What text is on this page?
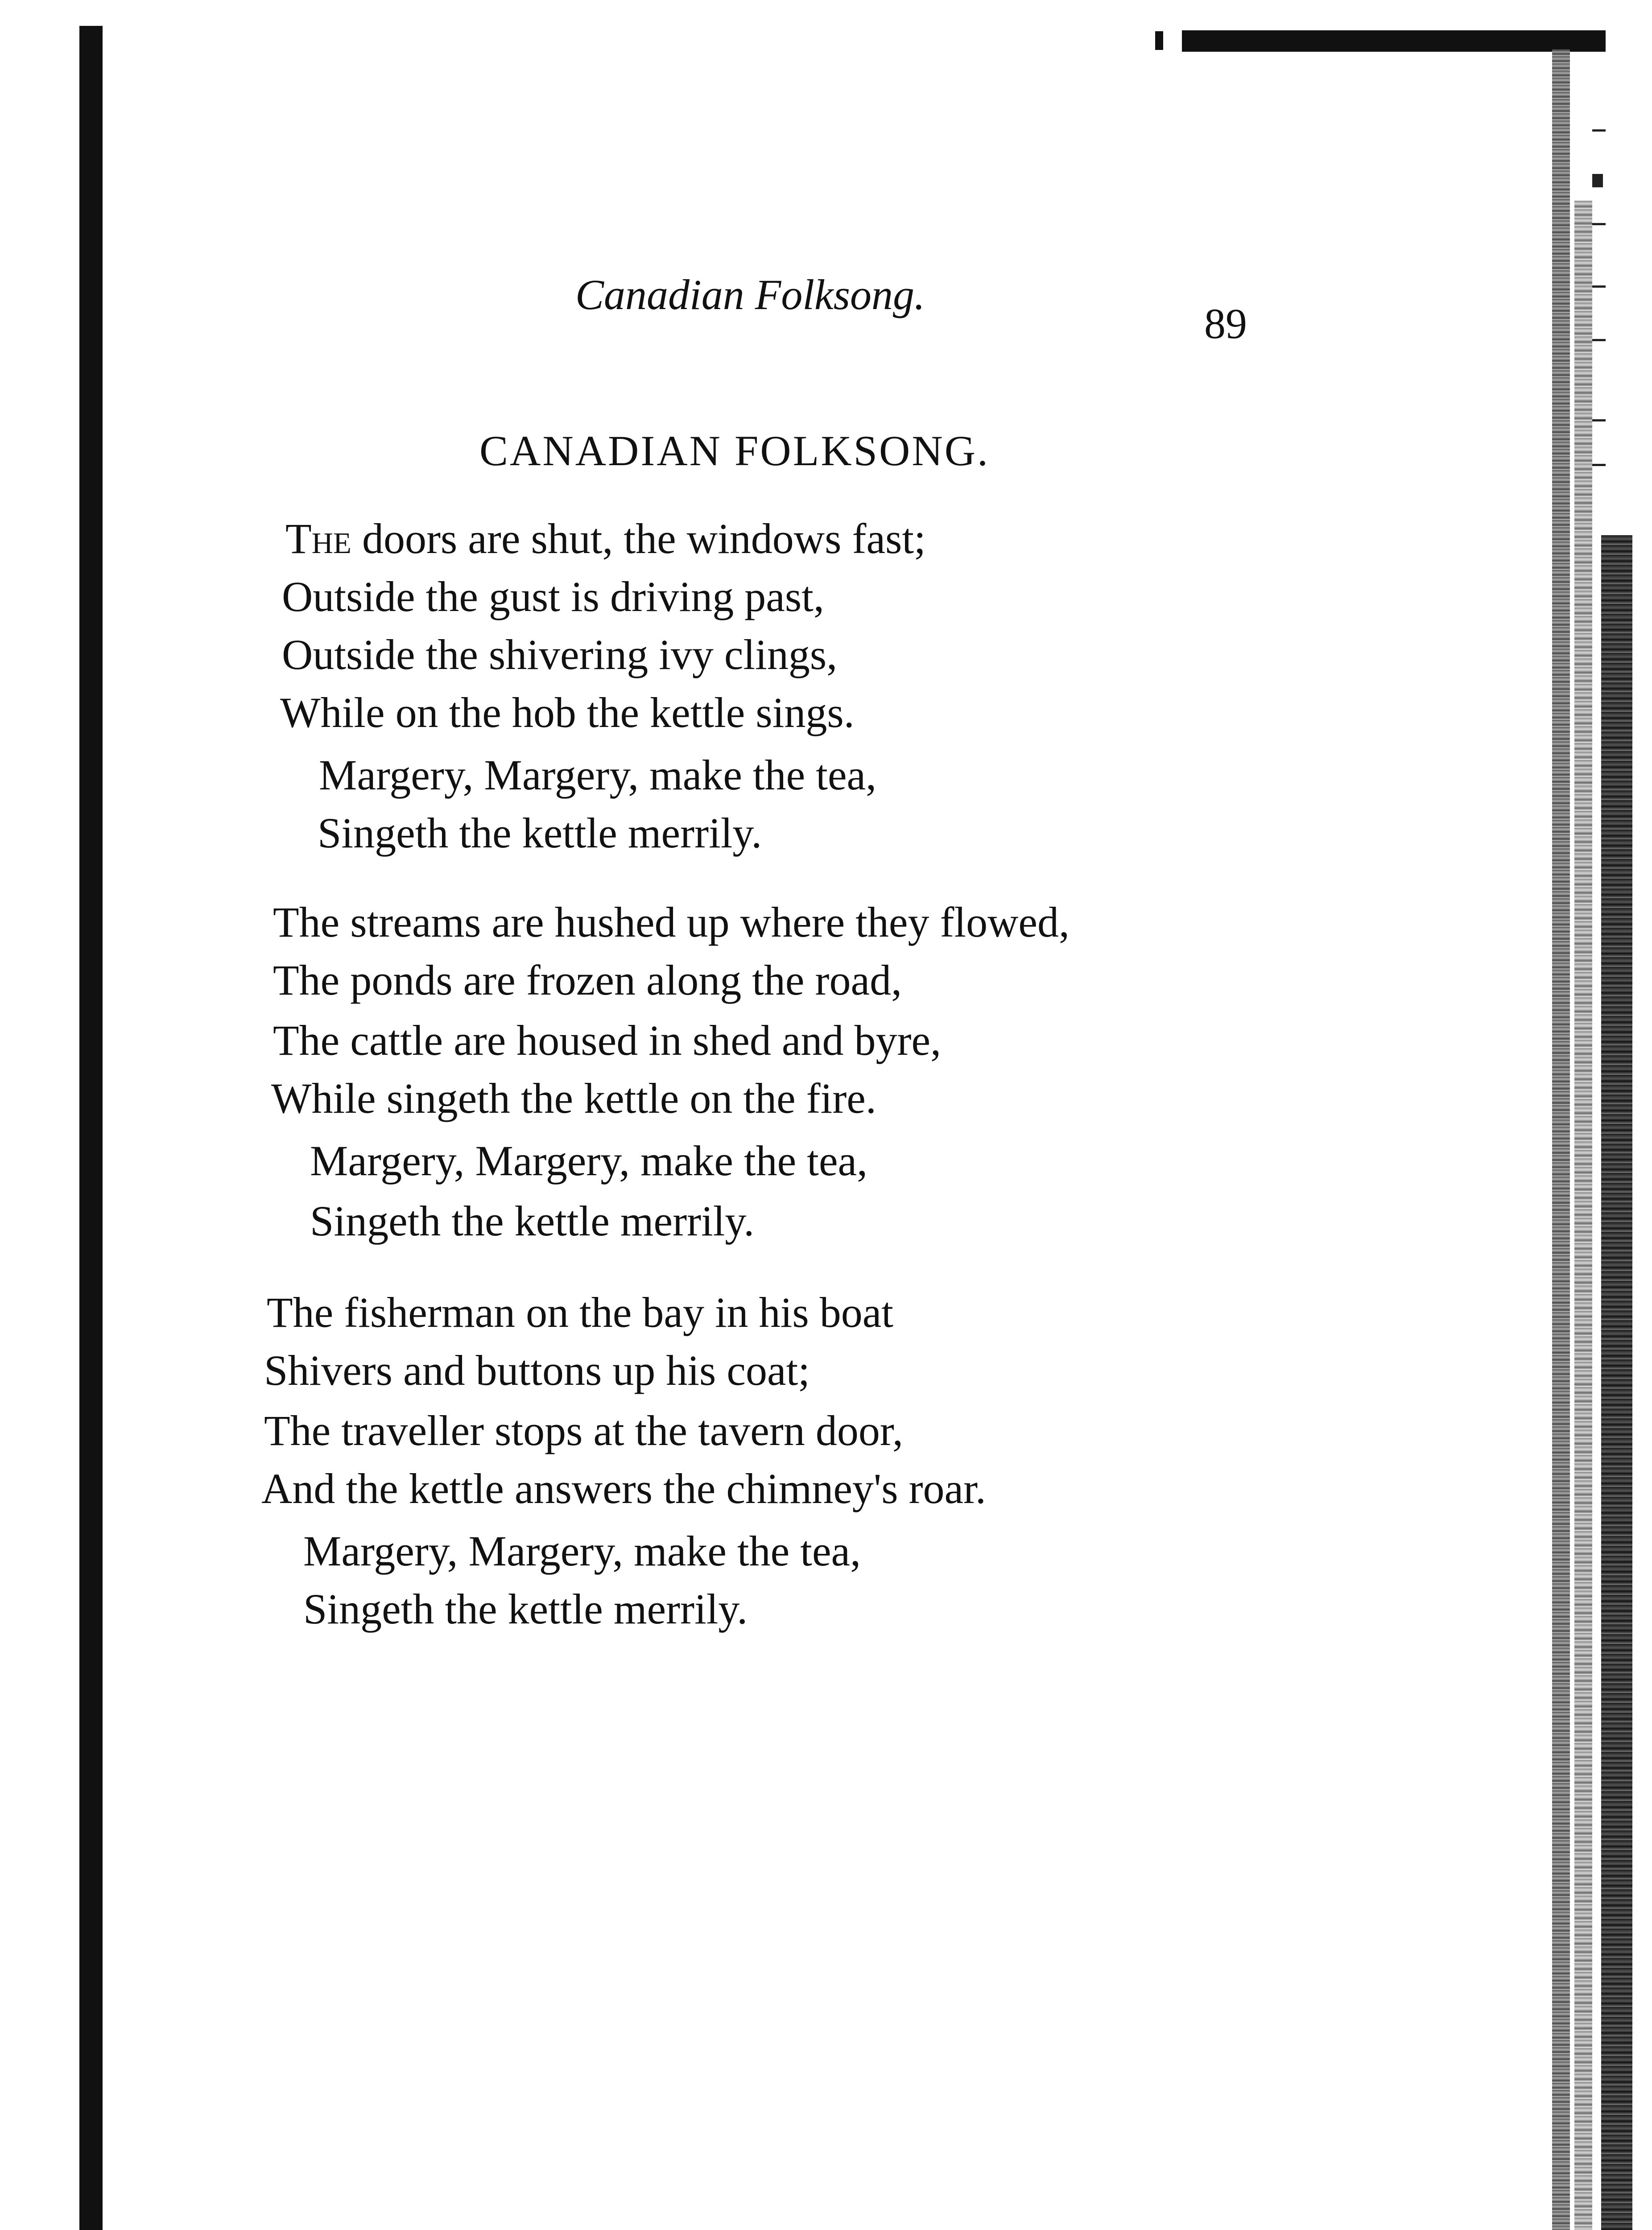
Canadian Folksong.
89
CANADIAN FOLKSONG.
The doors are shut, the windows fast;
Outside the gust is driving past,
Outside the shivering ivy clings,
While on the hob the kettle sings.
Margery, Margery, make the tea,
Singeth the kettle merrily.
The streams are hushed up where they flowed,
The ponds are frozen along the road,
The cattle are housed in shed and byre,
While singeth the kettle on the fire.
Margery, Margery, make the tea,
Singeth the kettle merrily.
The fisherman on the bay in his boat
Shivers and buttons up his coat;
The traveller stops at the tavern door,
And the kettle answers the chimney's roar.
Margery, Margery, make the tea,
Singeth the kettle merrily.
